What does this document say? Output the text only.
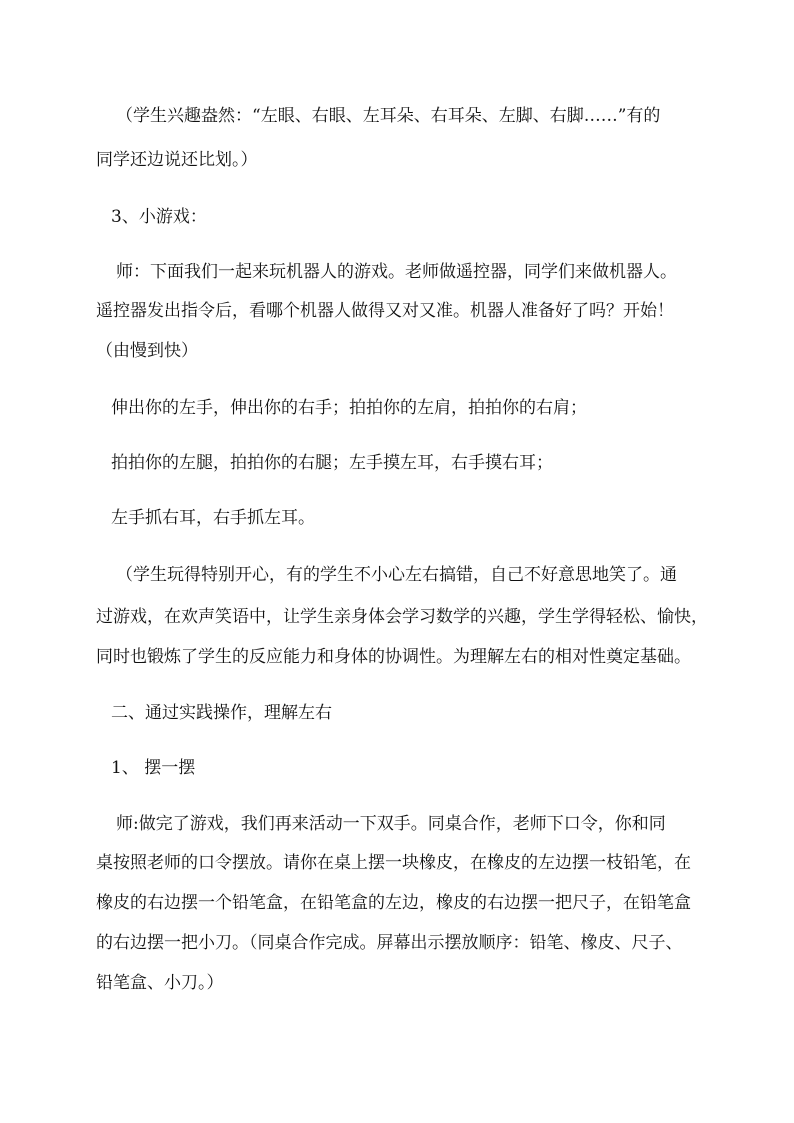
（学生兴趣盎然：“左眼、右眼、左耳朵、右耳朵、左脚、右脚……”有的

同学还边说还比划。）

3、小游戏：

师：下面我们一起来玩机器人的游戏。老师做遥控器，同学们来做机器人。

遥控器发出指令后，看哪个机器人做得又对又准。机器人准备好了吗？开始！

（由慢到快）

伸出你的左手，伸出你的右手；拍拍你的左肩，拍拍你的右肩；

拍拍你的左腿，拍拍你的右腿；左手摸左耳，右手摸右耳；

左手抓右耳，右手抓左耳。

（学生玩得特别开心，有的学生不小心左右搞错，自己不好意思地笑了。通

过游戏，在欢声笑语中，让学生亲身体会学习数学的兴趣，学生学得轻松、愉快，

同时也锻炼了学生的反应能力和身体的协调性。为理解左右的相对性奠定基础。

二、通过实践操作，理解左右

1、 摆一摆

师:做完了游戏，我们再来活动一下双手。同桌合作，老师下口令，你和同

桌按照老师的口令摆放。请你在桌上摆一块橡皮，在橡皮的左边摆一枝铅笔，在

橡皮的右边摆一个铅笔盒，在铅笔盒的左边，橡皮的右边摆一把尺子，在铅笔盒

的右边摆一把小刀。（同桌合作完成。屏幕出示摆放顺序：铅笔、橡皮、尺子、

铅笔盒、小刀。）
